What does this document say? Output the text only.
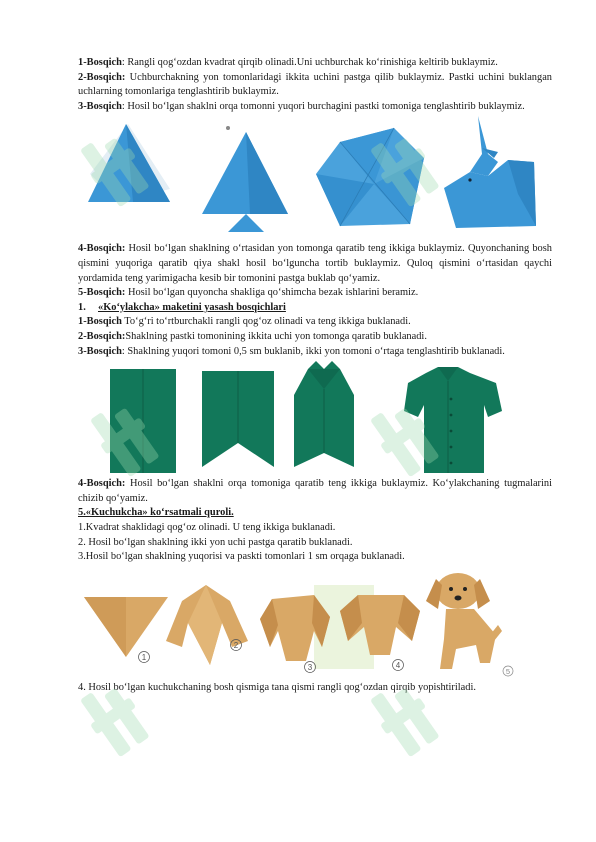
1-Bosqich: Rangli qog‘ozdan kvadrat qirqib olinadi.Uni uchburchak ko‘rinishiga keltirib buklaymiz.

2-Bosqich: Uchburchakning yon tomonlaridagi ikkita uchini pastga qilib buklaymiz. Pastki uchini buklangan uchlarning tomonlariga tenglashtirib buklaymiz.

3-Bosqich: Hosil bo‘lgan shaklni orqa tomonni yuqori burchagini pastki tomoniga tenglashtirib buklaymiz.

4-Bosqich: Hosil bo‘lgan shaklning o‘rtasidan yon tomonga qaratib teng ikkiga buklaymiz. Quyonchaning bosh qismini yuqoriga qaratib qiya shakl hosil bo‘lguncha tortib buklaymiz. Quloq qismini o‘rtasidan qaychi yordamida teng yarimigacha kesib bir tomonini pastga buklab qo‘yamiz.

5-Bosqich: Hosil bo‘lgan quyoncha shakliga qo‘shimcha bezak ishlarini beramiz.

1. «Ko‘ylakcha» maketini yasash bosqichlari

1-Bosqich To‘g‘ri to‘rtburchakli rangli qog‘oz olinadi va teng ikkiga buklanadi.

2-Bosqich:Shaklning pastki tomonining ikkita uchi yon tomonga qaratib buklanadi.

3-Bosqich: Shaklning yuqori tomoni 0,5 sm buklanib, ikki yon tomoni o‘rtaga tenglashtirib buklanadi.

4-Bosqich: Hosil bo‘lgan shaklni orqa tomoniga qaratib teng ikkiga buklaymiz. Ko‘ylakchaning tugmalarini chizib qo‘yamiz.

5.«Kuchukcha» ko‘rsatmali quroli.

1.Kvadrat shaklidagi qog‘oz olinadi. U teng ikkiga buklanadi.

2. Hosil bo‘lgan shaklning ikki yon uchi pastga qaratib buklanadi.

3.Hosil bo‘lgan shaklning yuqorisi va paskti tomonlari 1 sm orqaga buklanadi.

1
2
3	4
5

4. Hosil bo‘lgan kuchukchaning bosh qismiga tana qismi rangli qog‘ozdan qirqib yopishtiriladi.
